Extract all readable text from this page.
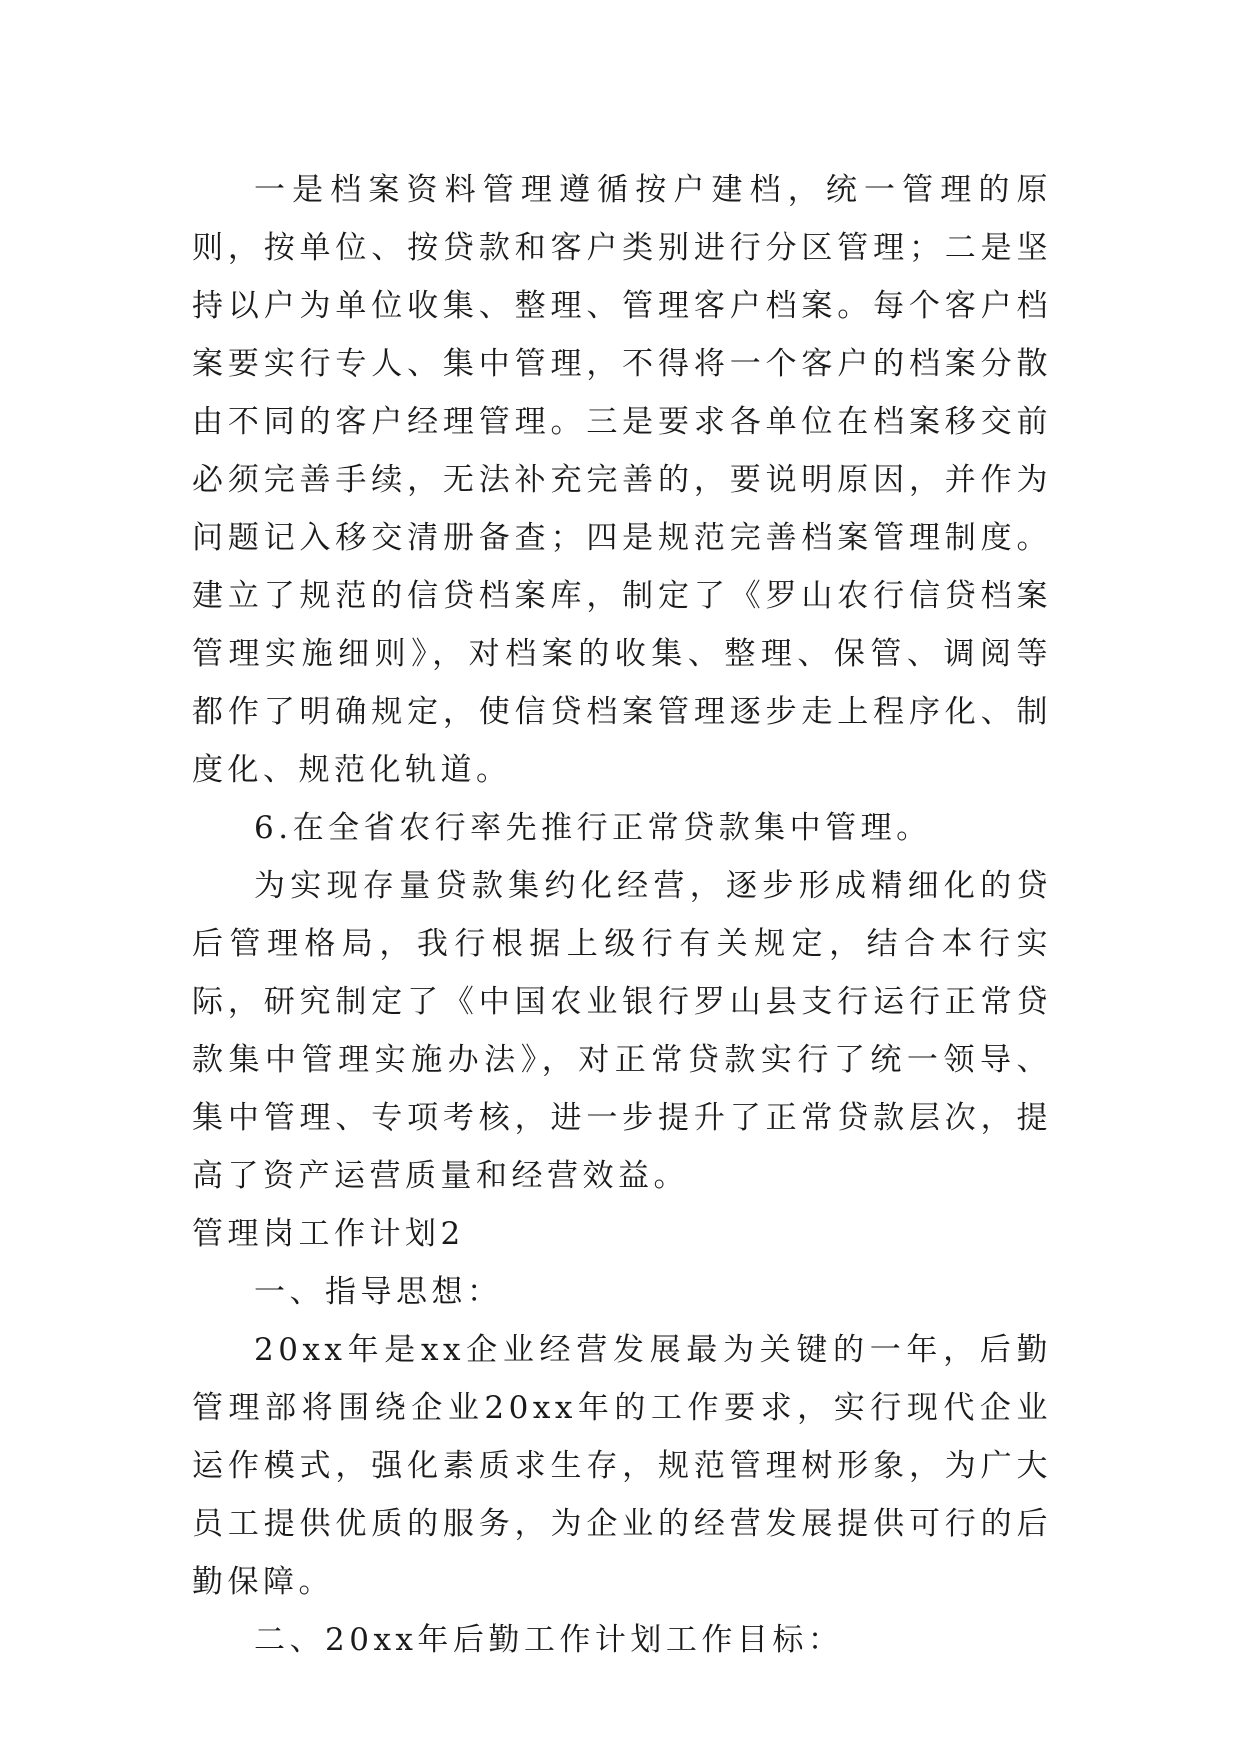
一是档案资料管理遵循按户建档，统一管理的原则，按单位、按贷款和客户类别进行分区管理；二是坚持以户为单位收集、整理、管理客户档案。每个客户档案要实行专人、集中管理，不得将一个客户的档案分散由不同的客户经理管理。三是要求各单位在档案移交前必须完善手续，无法补充完善的，要说明原因，并作为问题记入移交清册备查；四是规范完善档案管理制度。建立了规范的信贷档案库，制定了《罗山农行信贷档案管理实施细则》，对档案的收集、整理、保管、调阅等都作了明确规定，使信贷档案管理逐步走上程序化、制度化、规范化轨道。

6.在全省农行率先推行正常贷款集中管理。

为实现存量贷款集约化经营，逐步形成精细化的贷后管理格局，我行根据上级行有关规定，结合本行实际，研究制定了《中国农业银行罗山县支行运行正常贷款集中管理实施办法》，对正常贷款实行了统一领导、集中管理、专项考核，进一步提升了正常贷款层次，提高了资产运营质量和经营效益。

管理岗工作计划2

一、指导思想：

20xx年是xx企业经营发展最为关键的一年，后勤管理部将围绕企业20xx年的工作要求，实行现代企业运作模式，强化素质求生存，规范管理树形象，为广大员工提供优质的服务，为企业的经营发展提供可行的后勤保障。

二、20xx年后勤工作计划工作目标：
